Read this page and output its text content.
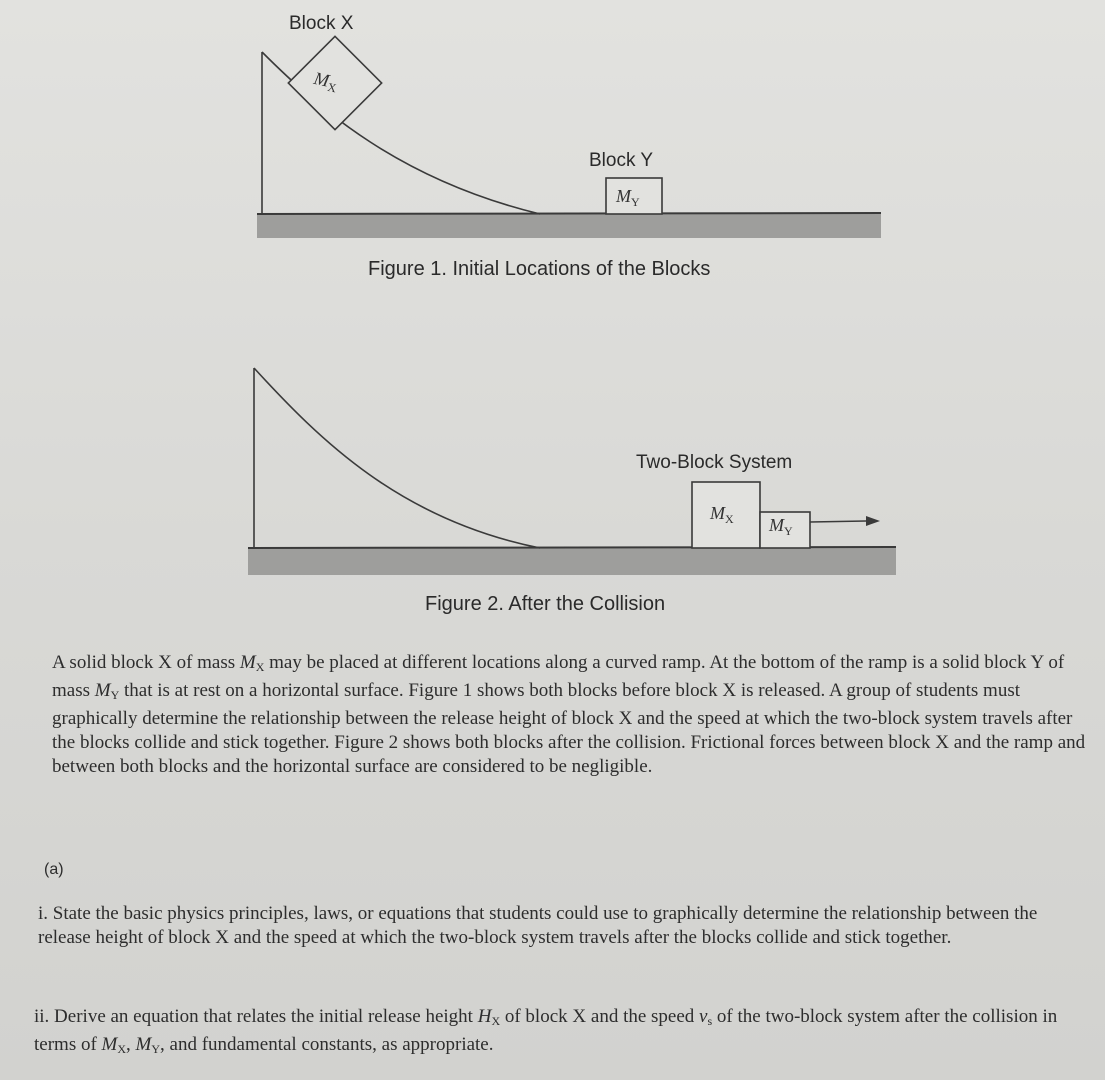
Block X
$M_X$
$M_Y$
Block Y
$M_X$ $M_Y$
Two-Block System
Figure 1. Initial Locations of the Blocks
Figure 2. After the Collision

A solid block X of mass $M_X$ may be placed at different locations along a curved ramp. At the bottom of the ramp is a solid block Y of mass $M_Y$ that is at rest on a horizontal surface. Figure 1 shows both blocks before block X is released. A group of students must graphically determine the relationship between the release height of block X and the speed at which the two-block system travels after the blocks collide and stick together. Figure 2 shows both blocks after the collision. Frictional forces between block X and the ramp and between both blocks and the horizontal surface are considered to be negligible.

(a)

i. State the basic physics principles, laws, or equations that students could use to graphically determine the relationship between the release height of block X and the speed at which the two-block system travels after the blocks collide and stick together.

ii. Derive an equation that relates the initial release height $H_X$ of block X and the speed $v_s$ of the two-block system after the collision in terms of $M_X$, $M_Y$, and fundamental constants, as appropriate.
